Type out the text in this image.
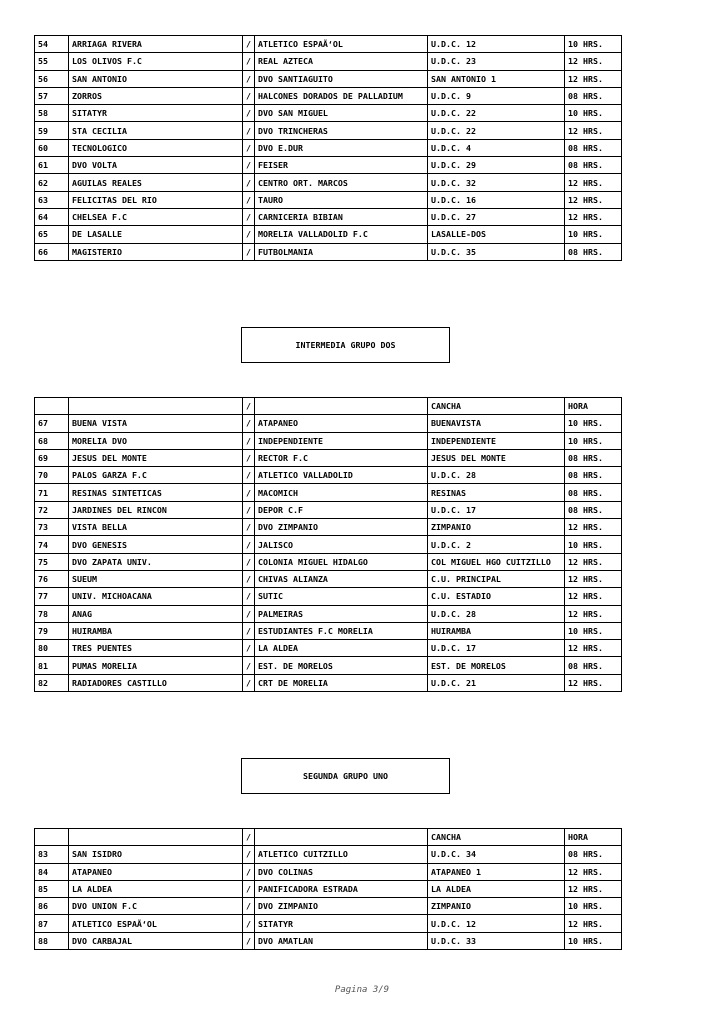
54	ARRIAGA RIVERA	/	ATLETICO ESPAÃ‘OL	U.D.C. 12	10 HRS.
55	LOS OLIVOS F.C	/	REAL AZTECA	U.D.C. 23	12 HRS.
56	SAN ANTONIO	/	DVO SANTIAGUITO	SAN ANTONIO 1	12 HRS.
57	ZORROS	/	HALCONES DORADOS DE PALLADIUM	U.D.C. 9	08 HRS.
58	SITATYR	/	DVO SAN MIGUEL	U.D.C. 22	10 HRS.
59	STA CECILIA	/	DVO TRINCHERAS	U.D.C. 22	12 HRS.
60	TECNOLOGICO	/	DVO E.DUR	U.D.C. 4	08 HRS.
61	DVO VOLTA	/	FEISER	U.D.C. 29	08 HRS.
62	AGUILAS REALES	/	CENTRO ORT. MARCOS	U.D.C. 32	12 HRS.
63	FELICITAS DEL RIO	/	TAURO	U.D.C. 16	12 HRS.
64	CHELSEA F.C	/	CARNICERIA BIBIAN	U.D.C. 27	12 HRS.
65	DE LASALLE	/	MORELIA VALLADOLID F.C	LASALLE-DOS	10 HRS.
66	MAGISTERIO	/	FUTBOLMANIA	U.D.C. 35	08 HRS.
INTERMEDIA GRUPO DOS
		/		CANCHA	HORA
67	BUENA VISTA	/	ATAPANEO	BUENAVISTA	10 HRS.
68	MORELIA DVO	/	INDEPENDIENTE	INDEPENDIENTE	10 HRS.
69	JESUS DEL MONTE	/	RECTOR F.C	JESUS DEL MONTE	08 HRS.
70	PALOS GARZA F.C	/	ATLETICO VALLADOLID	U.D.C. 28	08 HRS.
71	RESINAS SINTETICAS	/	MACOMICH	RESINAS	08 HRS.
72	JARDINES DEL RINCON	/	DEPOR C.F	U.D.C. 17	08 HRS.
73	VISTA BELLA	/	DVO ZIMPANIO	ZIMPANIO	12 HRS.
74	DVO GENESIS	/	JALISCO	U.D.C. 2	10 HRS.
75	DVO ZAPATA UNIV.	/	COLONIA MIGUEL HIDALGO	COL MIGUEL HGO CUITZILLO	12 HRS.
76	SUEUM	/	CHIVAS ALIANZA	C.U. PRINCIPAL	12 HRS.
77	UNIV. MICHOACANA	/	SUTIC	C.U. ESTADIO	12 HRS.
78	ANAG	/	PALMEIRAS	U.D.C. 28	12 HRS.
79	HUIRAMBA	/	ESTUDIANTES F.C MORELIA	HUIRAMBA	10 HRS.
80	TRES PUENTES	/	LA ALDEA	U.D.C. 17	12 HRS.
81	PUMAS MORELIA	/	EST. DE MORELOS	EST. DE MORELOS	08 HRS.
82	RADIADORES CASTILLO	/	CRT DE MORELIA	U.D.C. 21	12 HRS.
SEGUNDA GRUPO UNO
		/		CANCHA	HORA
83	SAN ISIDRO	/	ATLETICO CUITZILLO	U.D.C. 34	08 HRS.
84	ATAPANEO	/	DVO COLINAS	ATAPANEO 1	12 HRS.
85	LA ALDEA	/	PANIFICADORA ESTRADA	LA ALDEA	12 HRS.
86	DVO UNION F.C	/	DVO ZIMPANIO	ZIMPANIO	10 HRS.
87	ATLETICO ESPAÃ‘OL	/	SITATYR	U.D.C. 12	12 HRS.
88	DVO CARBAJAL	/	DVO AMATLAN	U.D.C. 33	10 HRS.
Pagina 3/9
